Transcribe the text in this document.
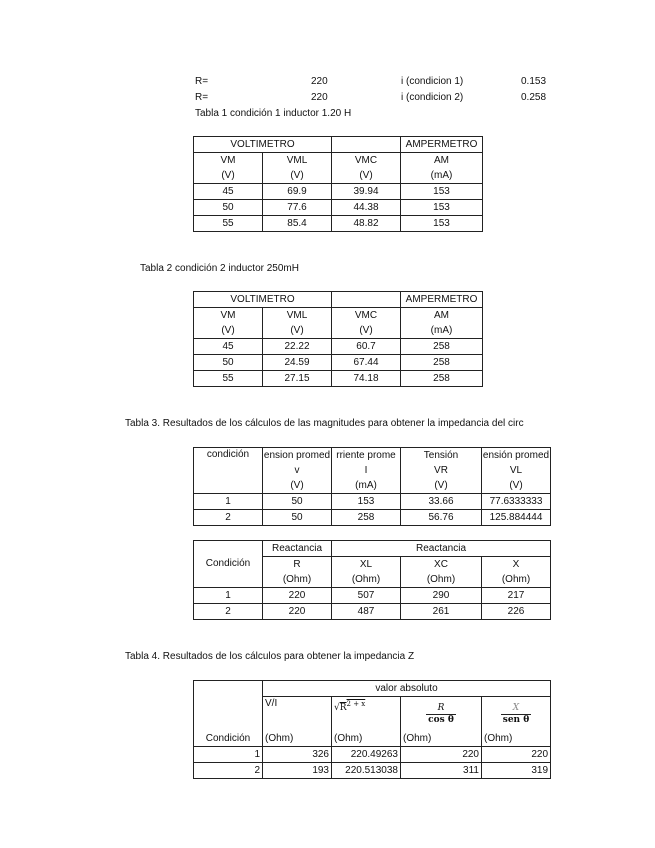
R=	220	i (condicion 1)	0.153
R=	220	i (condicion 2)	0.258
Tabla 1 condición 1 inductor 1.20 H
VOLTIMETRO			AMPERMETRO
VM	VML	VMC	AM
(V)	(V)	(V)	(mA)
45	69.9	39.94	153
50	77.6	44.38	153
55	85.4	48.82	153
Tabla 2 condición 2 inductor 250mH
VOLTIMETRO			AMPERMETRO
VM	VML	VMC	AM
(V)	(V)	(V)	(mA)
45	22.22	60.7	258
50	24.59	67.44	258
55	27.15	74.18	258
Tabla 3. Resultados de los cálculos de las magnitudes para obtener la impedancia del circ
condición	ension promed	rriente prome	Tensión	ensión promed

	v	I	VR	VL
	(V)	(mA)	(V)	(V)
1	50	153	33.66	77.6333333
2	50	258	56.76	125.884444
Condición	Reactancia	Reactancia		
	R	XL	XC	X
	(Ohm)	(Ohm)	(Ohm)	(Ohm)
1	220	507	290	217
2	220	487	261	226
Tabla 4. Resultados de los cálculos para obtener la impedancia Z
	valor absoluto			
	V/I	$√R^{2 + x}$	$\frac{R}{\text{cos θ}}$	$\frac{X}{\text{sen θ}}$

Condición	(Ohm)	(Ohm)	(Ohm)	(Ohm)
1	326	220.49263	220	220
2	193	220.513038	311	319
